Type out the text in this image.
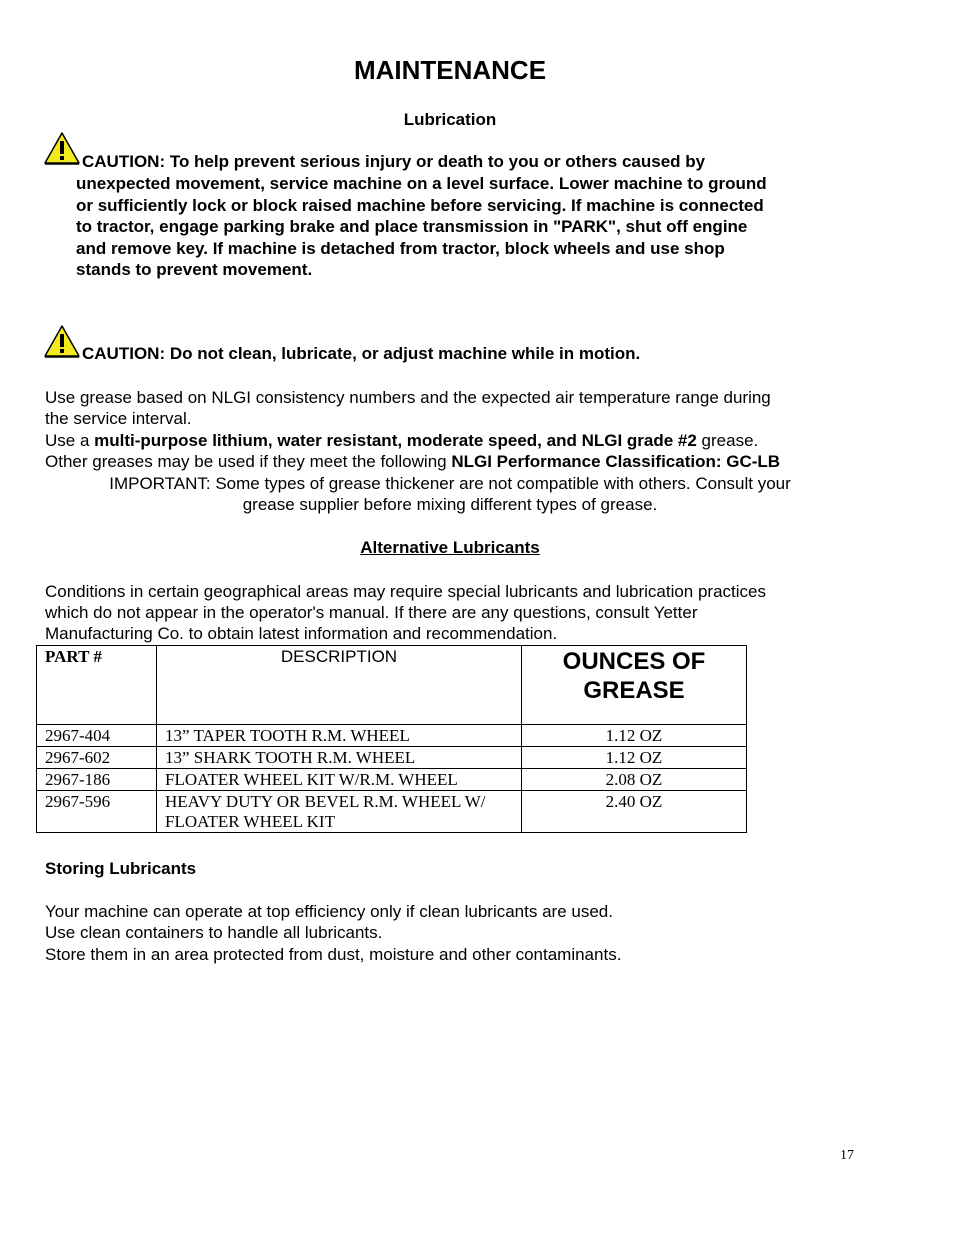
MAINTENANCE
Lubrication
CAUTION: To help prevent serious injury or death to you or others caused by
unexpected movement, service machine on a level surface. Lower machine to ground
or sufficiently lock or block raised machine before servicing. If machine is connected
to tractor, engage parking brake and place transmission in "PARK", shut off engine
and remove key. If machine is detached from tractor, block wheels and use shop
stands to prevent movement.
CAUTION: Do not clean, lubricate, or adjust machine while in motion.
Use grease based on NLGI consistency numbers and the expected air temperature range during
the service interval.
Use a multi-purpose lithium, water resistant, moderate speed, and NLGI grade #2 grease.
Other greases may be used if they meet the following NLGI Performance Classification: GC-LB
IMPORTANT: Some types of grease thickener are not compatible with others. Consult your
grease supplier before mixing different types of grease.
Alternative Lubricants
Conditions in certain geographical areas may require special lubricants and lubrication practices
which do not appear in the operator's manual. If there are any questions, consult Yetter
Manufacturing Co. to obtain latest information and recommendation.
PART #	DESCRIPTION	OUNCES OF GREASE
2967-404	13” TAPER TOOTH R.M. WHEEL	1.12 OZ
2967-602	13” SHARK TOOTH R.M. WHEEL	1.12 OZ
2967-186	FLOATER WHEEL KIT W/R.M. WHEEL	2.08 OZ
2967-596	HEAVY DUTY OR BEVEL R.M. WHEEL W/ FLOATER WHEEL KIT	2.40 OZ
Storing Lubricants
Your machine can operate at top efficiency only if clean lubricants are used.
Use clean containers to handle all lubricants.
Store them in an area protected from dust, moisture and other contaminants.
17
